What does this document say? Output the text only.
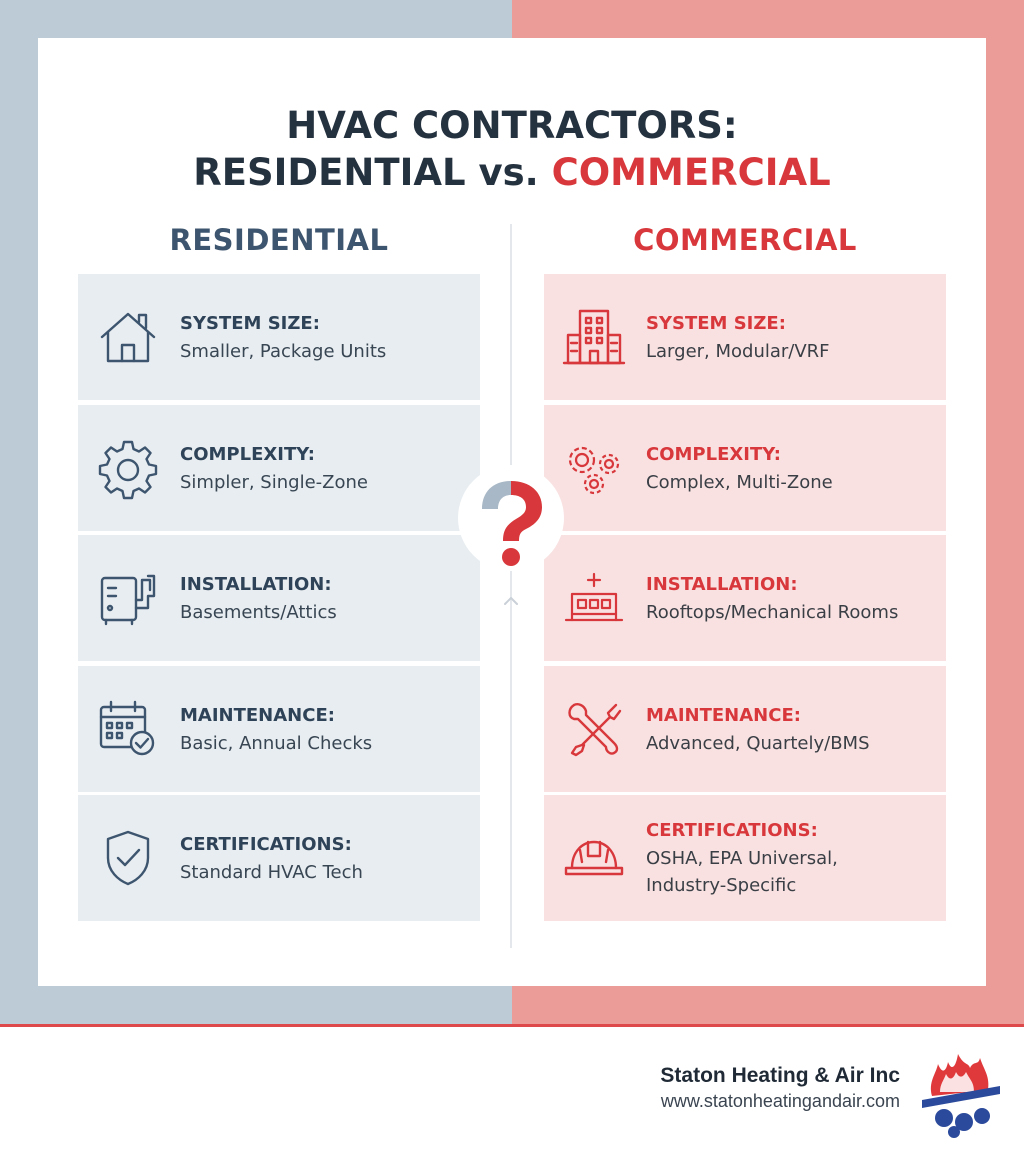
HVAC CONTRACTORS:
RESIDENTIAL vs. COMMERCIAL
RESIDENTIAL	COMMERCIAL
SYSTEM SIZE:
Smaller, Package Units
COMPLEXITY:
Simpler, Single-Zone
INSTALLATION:
Basements/Attics
MAINTENANCE:
Basic, Annual Checks
CERTIFICATIONS:
Standard HVAC Tech
SYSTEM SIZE:
Larger, Modular/VRF
COMPLEXITY:
Complex, Multi-Zone
INSTALLATION:
Rooftops/Mechanical Rooms
MAINTENANCE:
Advanced, Quartely/BMS
CERTIFICATIONS:
OSHA, EPA Universal,
Industry-Specific
Staton Heating & Air Inc
www.statonheatingandair.com
